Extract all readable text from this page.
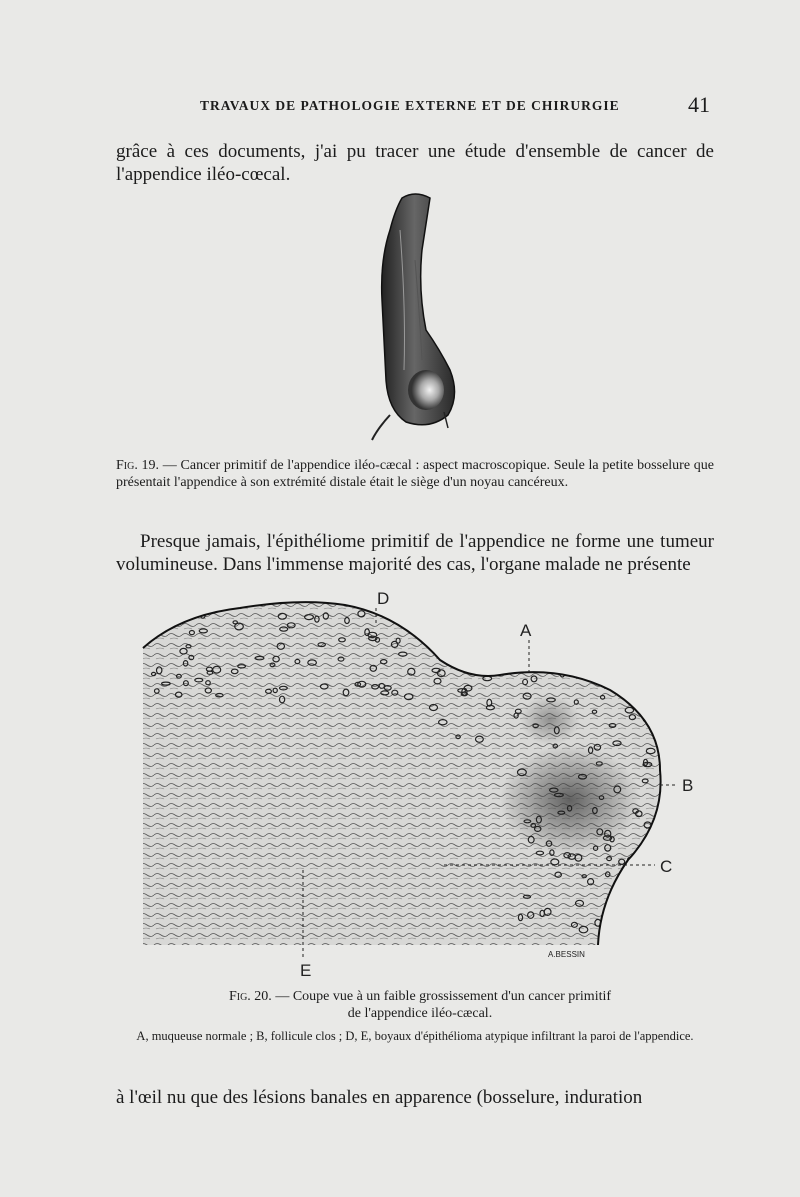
TRAVAUX DE PATHOLOGIE EXTERNE ET DE CHIRURGIE	41
grâce à ces documents, j'ai pu tracer une étude d'ensemble de cancer de l'appendice iléo-cœcal.
Fig. 19. — Cancer primitif de l'appendice iléo-cæcal : aspect macroscopique. Seule la petite bosselure que présentait l'appendice à son extrémité distale était le siège d'un noyau cancéreux.
Presque jamais, l'épithéliome primitif de l'appendice ne forme une tumeur volumineuse. Dans l'immense majorité des cas, l'organe malade ne présente
D
A
B
C
E
A.BESSIN
Fig. 20. — Coupe vue à un faible grossissement d'un cancer primitif
de l'appendice iléo-cæcal.
A, muqueuse normale ; B, follicule clos ; D, E, boyaux d'épithélioma atypique infiltrant la paroi de l'appendice.
à l'œil nu que des lésions banales en apparence (bosselure, induration
